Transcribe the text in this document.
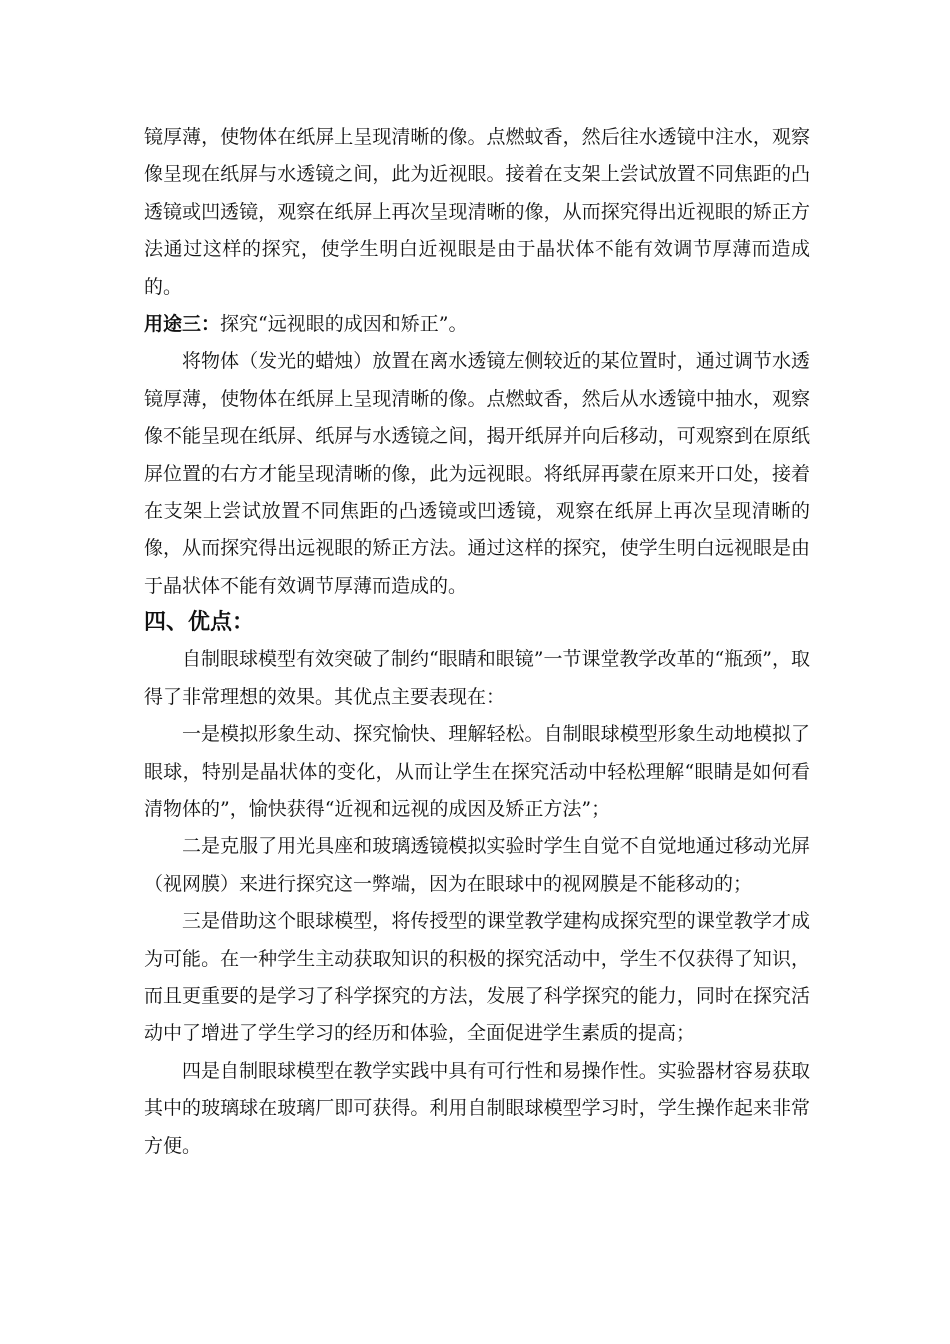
镜厚薄，使物体在纸屏上呈现清晰的像。点燃蚊香，然后往水透镜中注水，观察像呈现在纸屏与水透镜之间，此为近视眼。接着在支架上尝试放置不同焦距的凸透镜或凹透镜，观察在纸屏上再次呈现清晰的像，从而探究得出近视眼的矫正方法通过这样的探究，使学生明白近视眼是由于晶状体不能有效调节厚薄而造成的。

用途三：探究“远视眼的成因和矫正”。

将物体（发光的蜡烛）放置在离水透镜左侧较近的某位置时，通过调节水透镜厚薄，使物体在纸屏上呈现清晰的像。点燃蚊香，然后从水透镜中抽水，观察像不能呈现在纸屏、纸屏与水透镜之间，揭开纸屏并向后移动，可观察到在原纸屏位置的右方才能呈现清晰的像，此为远视眼。将纸屏再蒙在原来开口处，接着在支架上尝试放置不同焦距的凸透镜或凹透镜，观察在纸屏上再次呈现清晰的像，从而探究得出远视眼的矫正方法。通过这样的探究，使学生明白远视眼是由于晶状体不能有效调节厚薄而造成的。

四、优点：

自制眼球模型有效突破了制约“眼睛和眼镜”一节课堂教学改革的“瓶颈”，取得了非常理想的效果。其优点主要表现在：

一是模拟形象生动、探究愉快、理解轻松。自制眼球模型形象生动地模拟了眼球，特别是晶状体的变化，从而让学生在探究活动中轻松理解“眼睛是如何看清物体的”，愉快获得“近视和远视的成因及矫正方法”；

二是克服了用光具座和玻璃透镜模拟实验时学生自觉不自觉地通过移动光屏（视网膜）来进行探究这一弊端，因为在眼球中的视网膜是不能移动的；

三是借助这个眼球模型，将传授型的课堂教学建构成探究型的课堂教学才成为可能。在一种学生主动获取知识的积极的探究活动中，学生不仅获得了知识，而且更重要的是学习了科学探究的方法，发展了科学探究的能力，同时在探究活动中了增进了学生学习的经历和体验，全面促进学生素质的提高；

四是自制眼球模型在教学实践中具有可行性和易操作性。实验器材容易获取其中的玻璃球在玻璃厂即可获得。利用自制眼球模型学习时，学生操作起来非常方便。
